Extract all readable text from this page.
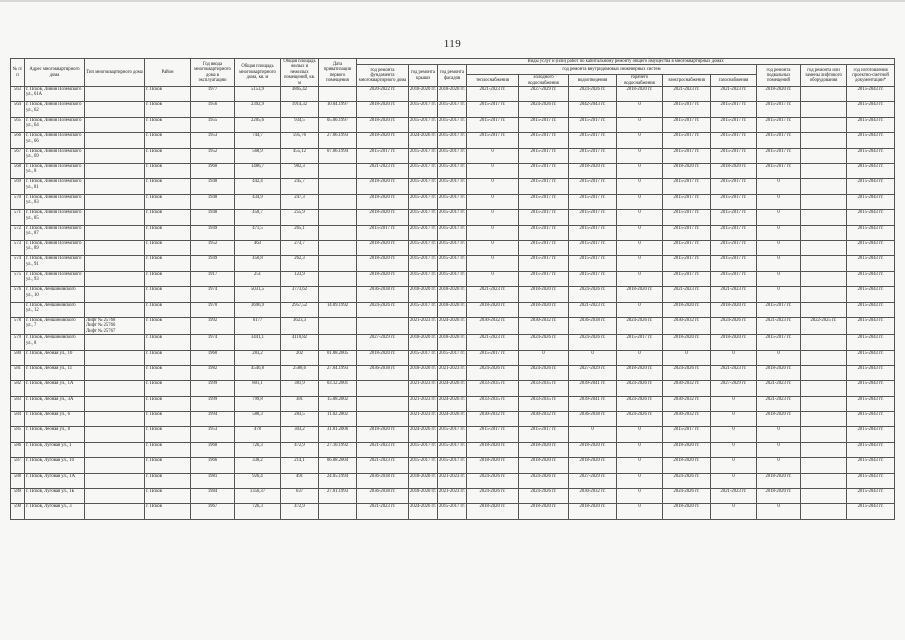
119
№ п/п	Адрес многоквартирного дома	Тип многоквартирного дома	Район	Год ввода многоквартирного дома в эксплуатацию	Общая площадь многоквартирного дома, кв. м	Общая площадь жилых и нежилых помещений, кв. м	Дата приватизации первого помещения	Виды услуг и (или) работ по капитальному ремонту общего имущества в многоквартирных домах											
								год ремонта фундамента многоквартирного дома	год ремонта крыши	год ремонта фасадов	год ремонта внутридомовых инженерных систем						год ремонта подвальных помещений	год ремонта или замены лифтового оборудования	год изготовления проектно-сметной документации*
											теплоснабжения	холодного водоснабжения	водоотведения	горячего водоснабжения	электроснабжения	газоснабжения			
563	г. Псков, Линия Поземского ул., 61А		г. Псков	1977	5153,9	3865,42		2020-2022 гг.	2018-2020 гг.	2018-2020 гг.	2021-2023 гг.	2027-2029 гг.	2024-2026 гг.	2018-2020 гг.	2021-2023 гг.	2021-2023 гг.	2018-2020 гг.		2015-2043 гг.
564	г. Псков, Линия Поземского ул., 62		г. Псков	1956	2392,9	1914,32	10.04.1997	2018-2020 гг.	2015-2017 гг.	2015-2017 гг.	2015-2017 гг.	2024-2026 гг.	2042-2043 гг.	0	2015-2017 гг.	2015-2017 гг.	2015-2017 гг.		2015-2043 гг.
565	г. Псков, Линия Поземского ул., 64		г. Псков	1955	2205,6	934,5	05.06.1997	2018-2020 гг.	2015-2017 гг.	2015-2017 гг.	2015-2017 гг.	2015-2017 гг.	2015-2017 гг.	0	2015-2017 гг.	2015-2017 гг.	2015-2017 гг.		2015-2043 гг.
566	г. Псков, Линия Поземского ул., 66		г. Псков	1953	744,7	595,76	27.06.1993	2018-2020 гг.	2024-2026 гг.	2015-2017 гг.	2015-2017 гг.	2015-2017 гг.	2015-2017 гг.	0	2015-2017 гг.	2015-2017 гг.	2015-2017 гг.		2015-2043 гг.
567	г. Псков, Линия Поземского ул., 69		г. Псков	1952	568,9	455,12	07.06.1994	2015-2017 гг.	2015-2017 гг.	2015-2017 гг.	0	2015-2017 гг.	2015-2017 гг.	0	2015-2017 гг.	2015-2017 гг.	2015-2017 гг.		2015-2043 гг.
568	г. Псков, Линия Поземского ул., 8		г. Псков	1960	1486,7	982,3		2021-2023 гг.	2015-2017 гг.	2015-2017 гг.	0	2015-2017 гг.	2018-2020 гг.	0	2018-2020 гг.	2018-2020 гг.	2015-2017 гг.		2015-2043 гг.
569	г. Псков, Линия Поземского ул., 81		г. Псков	1948	442,4	245,7		2018-2020 гг.	2015-2017 гг.	2015-2017 гг.	0	2015-2017 гг.	2015-2017 гг.	0	2015-2017 гг.	2015-2017 гг.	0		2015-2043 гг.
570	г. Псков, Линия Поземского ул., 83		г. Псков	1948	434,9	247,3		2018-2020 гг.	2015-2017 гг.	2015-2017 гг.	0	2015-2017 гг.	2015-2017 гг.	0	2015-2017 гг.	2015-2017 гг.	0		2015-2043 гг.
571	г. Псков, Линия Поземского ул., 85		г. Псков	1948	450,7	255,9		2018-2020 гг.	2015-2017 гг.	2015-2017 гг.	0	2015-2017 гг.	2015-2017 гг.	0	2015-2017 гг.	2015-2017 гг.	0		2015-2043 гг.
572	г. Псков, Линия Поземского ул., 87		г. Псков	1949	471,5	265,1		2015-2017 гг.	2015-2017 гг.	2015-2017 гг.	0	2015-2017 гг.	2015-2017 гг.	0	2015-2017 гг.	2015-2017 гг.	0		2015-2043 гг.
573	г. Псков, Линия Поземского ул., 89		г. Псков	1952	463	273,7		2018-2020 гг.	2015-2017 гг.	2015-2017 гг.	0	2015-2017 гг.	2015-2017 гг.	0	2015-2017 гг.	2015-2017 гг.	0		2015-2043 гг.
574	г. Псков, Линия Поземского ул., 91		г. Псков	1949	450,8	262,3		2018-2020 гг.	2015-2017 гг.	2015-2017 гг.	0	2015-2017 гг.	2015-2017 гг.	0	2015-2017 гг.	2015-2017 гг.	0		2015-2043 гг.
575	г. Псков, Линия Поземского ул., 93		г. Псков	1917	251	123,9		2018-2020 гг.	2015-2017 гг.	2015-2017 гг.	0	2015-2017 гг.	2015-2017 гг.	0	2015-2017 гг.	2015-2017 гг.	0		2015-2043 гг.
576	г. Псков, Леншиновского ул., 10		г. Псков	1974	5031,5	3773,62		2036-2038 гг.	2018-2020 гг.	2018-2020 гг.	2021-2023 гг.	2018-2020 гг.	2024-2026 гг.	2018-2020 гг.	2021-2023 гг.	2021-2023 гг.	0		2015-2043 гг.
	г. Псков, Леншиновского ул., 12		г. Псков	1970	3696,9	2957,52	14.09.1992	2024-2026 гг.	2015-2017 гг.	2018-2020 гг.	2018-2020 гг.	2018-2020 гг.	2021-2023 гг.	0	2018-2020 гг.	2018-2020 гг.	2015-2017 гг.		2015-2043 гг.
578	г. Псков, Леншиновского ул., 7	Лифт № 25768
Лифт № 25766
Лифт № 25767	г. Псков	1992	6177	3623,3			2021-2023 гг.	2024-2026 гг.	2030-2032 гг.	2030-2032 гг.	2036-2038 гг.	2024-2026 гг.	2030-2032 гг.	2024-2026 гг.	2021-2023 гг.	2022-2025 гг.	2015-2043 гг.
579	г. Псков, Леншиновского ул., 8		г. Псков	1974	3441,1	4110,82		2027-2029 гг.	2018-2020 гг.	2018-2020 гг.	2021-2023 гг.	2024-2026 гг.	2024-2026 гг.	2015-2017 гг.	2018-2020 гг.	2018-2020 гг.	2015-2017 гг.		2015-2043 гг.
580	г. Псков, Леоная ул., 10		г. Псков	1960	283,2	202	01.08.2005	2018-2020 гг.	2015-2017 гг.	2015-2017 гг.	2015-2017 гг.	0	0	0	0	0	0		2015-2043 гг.
581	г. Псков, Леоная ул., 11		г. Псков	1982	4546,8	2588,6	27.04.1993	2036-2038 гг.	2018-2020 гг.	2021-2023 гг.	2024-2026 гг.	2024-2026 гг.	2027-2029 гг.	2018-2020 гг.	2024-2026 гг.	2021-2023 гг.	2018-2020 гг.		2015-2043 гг.
582	г. Псков, Леоная ул., 1А		г. Псков	1999	801,1	381,9	03.12.2001		2021-2023 гг.	2024-2026 гг.	2033-2035 гг.	2033-2035 гг.	2039-2041 гг.	2024-2026 гг.	2030-2032 гг.	2027-2029 гг.	2021-2023 гг.		2015-2043 гг.
583	г. Псков, Леоная ул., 3А		г. Псков	1999	799,8	381	15.08.2002		2021-2023 гг.	2024-2026 гг.	2033-2035 гг.	2033-2035 гг.	2039-2041 гг.	2024-2026 гг.	2030-2032 гг.	0	2021-2023 гг.		2015-2043 гг.
584	г. Псков, Леоная ул., 6		г. Псков	1994	588,3	283,5	11.02.2002		2021-2023 гг.	2024-2026 гг.	2030-2032 гг.	2030-2032 гг.	2036-2038 гг.	2024-2026 гг.	2030-2032 гг.	0	2018-2020 гг.		2015-2043 гг.
585	г. Псков, Леоная ул., 8		г. Псков	1953	478	303,2	31.01.2006	2018-2020 гг.	2024-2026 гг.	2015-2017 гг.	2015-2017 гг.	2015-2017 гг.	0	0	2015-2017 гг.	0	0		2015-2043 гг.
586	г. Псков, Луговая ул., 1		г. Псков	1968	726,3	472,9	27.10.1992	2021-2023 гг.	2015-2017 гг.	2015-2017 гг.	2018-2020 гг.	2018-2020 гг.	2018-2020 гг.	0	2018-2020 гг.	0	0		2015-2043 гг.
587	г. Псков, Луговая ул., 10		г. Псков	1966	338,2	214,1	06.08.2004	2021-2023 гг.	2015-2017 гг.	2015-2017 гг.	2018-2020 гг.	2018-2020 гг.	2018-2020 гг.	0	2018-2020 гг.	0	0		2015-2043 гг.
588	г. Псков, Луговая ул., 1А		г. Псков	1981	926,4	491	24.05.1994	2036-2038 гг.	2018-2020 гг.	2021-2023 гг.	2024-2026 гг.	2024-2026 гг.	2027-2029 гг.	0	2024-2026 гг.	0	2018-2020 гг.		2015-2043 гг.
589	г. Псков, Луговая ул., 1Б		г. Псков	1984	1356,37	637	27.01.1993	2036-2038 гг.	2018-2020 гг.	2021-2023 гг.	2024-2026 гг.	2024-2026 гг.	2030-2032 гг.	0	2024-2026 гг.	2021-2023 гг.	2018-2020 гг.		2015-2043 гг.
590	г. Псков, Луговая ул., 3		г. Псков	1967	726,3	472,9		2021-2023 гг.	2024-2026 гг.	2015-2017 гг.	2018-2020 гг.	2018-2020 гг.	2018-2020 гг.	0	2018-2020 гг.	0	0		2015-2043 гг.
